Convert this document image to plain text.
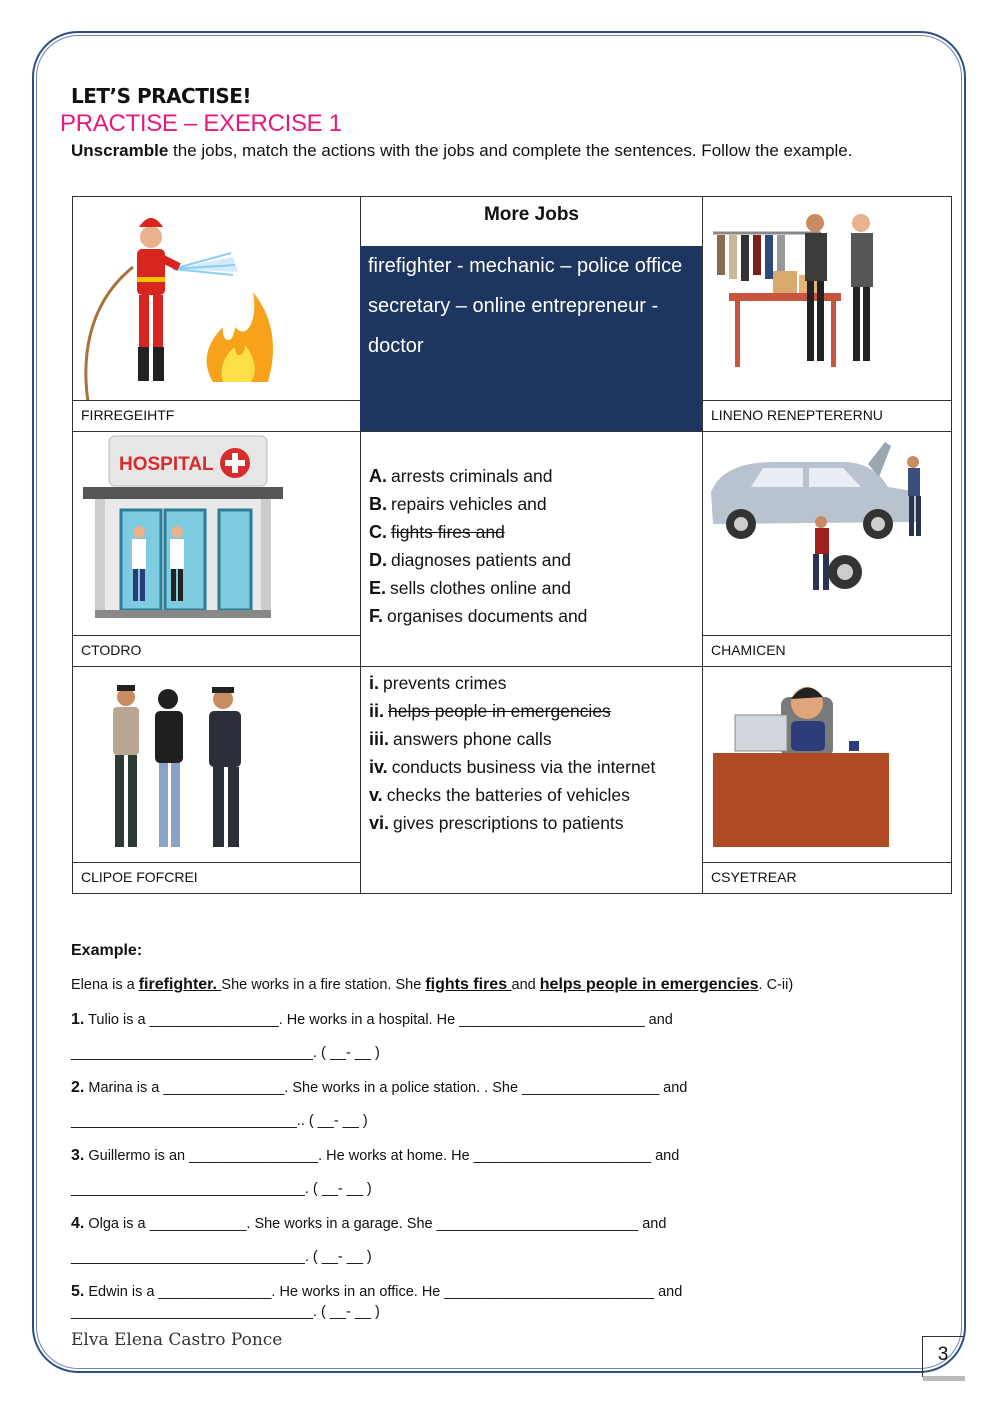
LET’S PRACTISE!
PRACTISE – EXERCISE 1
Unscramble the jobs, match the actions with the jobs and complete the sentences. Follow the example.
FIRREGEIHTF
HOSPITAL
CTODRO
CLIPOE FOFCREI
More Jobs
firefighter - mechanic – police office
secretary – online entrepreneur -
doctor
A. arrests criminals and
B. repairs vehicles and
C. fights fires and
D. diagnoses patients and
E. sells clothes online and
F. organises documents and
i. prevents crimes
ii. helps people in emergencies
iii. answers phone calls
iv. conducts business via the internet
v. checks the batteries of vehicles
vi. gives prescriptions to patients
LINENO RENEPTERERNU
CHAMICEN
CSYETREAR
Example:
Elena is a firefighter. She works in a fire station. She fights fires and helps people in emergencies. C-ii)
1. Tulio is a ________________. He works in a hospital. He _______________________ and
______________________________. ( __- __ )
2. Marina is a _______________. She works in a police station. . She _________________ and
____________________________.. ( __- __ )
3. Guillermo is an ________________. He works at home. He ______________________ and
_____________________________. ( __- __ )
4. Olga is a ____________. She works in a garage. She _________________________ and
_____________________________. ( __- __ )
5. Edwin is a ______________. He works in an office. He __________________________ and
______________________________. ( __- __ )
Elva Elena Castro Ponce
3
